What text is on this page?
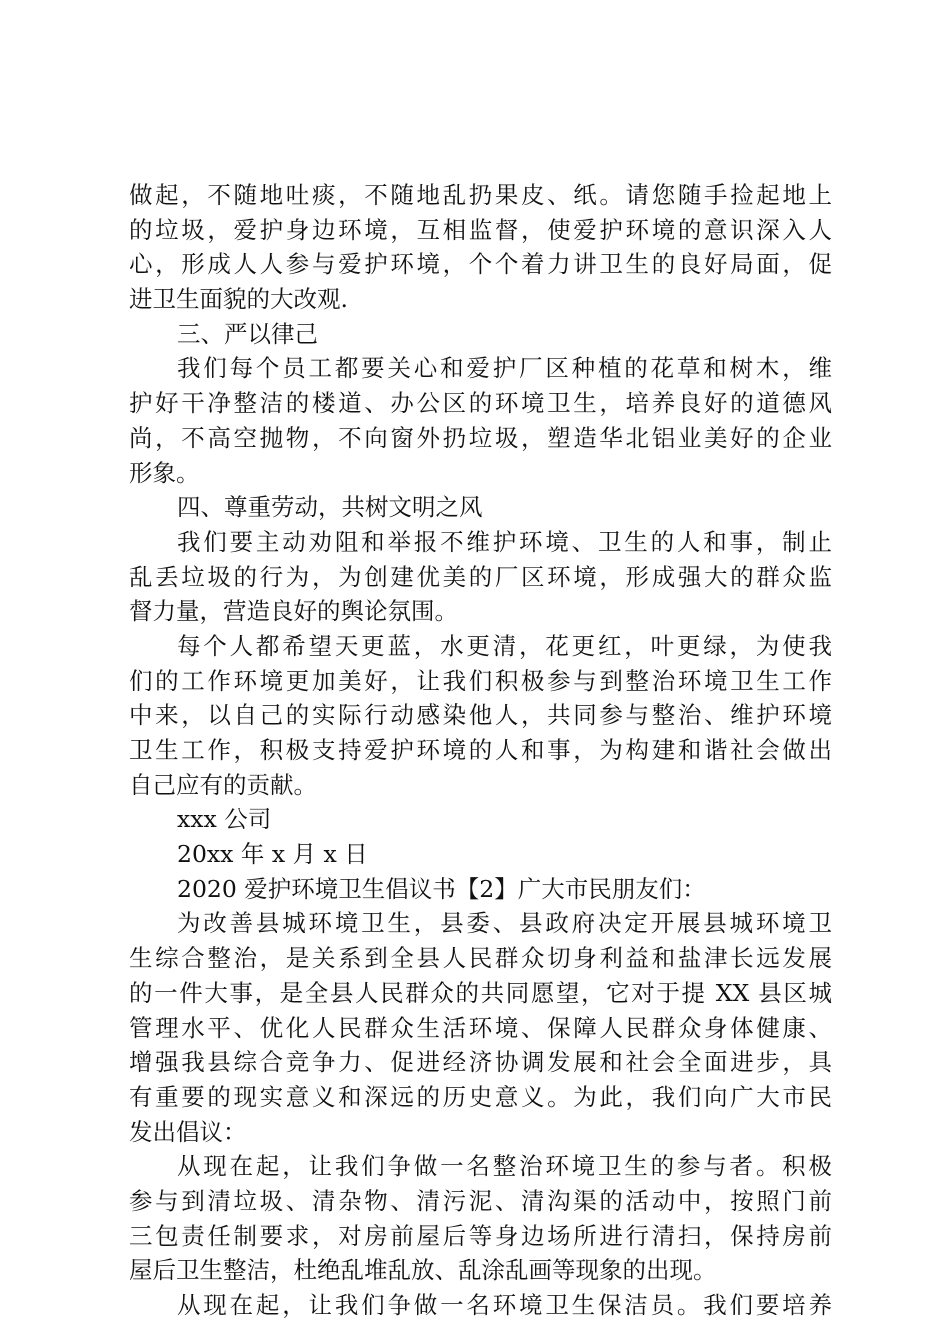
做起，不随地吐痰，不随地乱扔果皮、纸。请您随手捡起地上
的垃圾，爱护身边环境，互相监督，使爱护环境的意识深入人
心，形成人人参与爱护环境，个个着力讲卫生的良好局面，促
进卫生面貌的大改观.
三、严以律己
我们每个员工都要关心和爱护厂区种植的花草和树木，维
护好干净整洁的楼道、办公区的环境卫生，培养良好的道德风
尚，不高空抛物，不向窗外扔垃圾，塑造华北铝业美好的企业
形象。
四、尊重劳动，共树文明之风
我们要主动劝阻和举报不维护环境、卫生的人和事，制止
乱丢垃圾的行为，为创建优美的厂区环境，形成强大的群众监
督力量，营造良好的舆论氛围。
每个人都希望天更蓝，水更清，花更红，叶更绿，为使我
们的工作环境更加美好，让我们积极参与到整治环境卫生工作
中来，以自己的实际行动感染他人，共同参与整治、维护环境
卫生工作，积极支持爱护环境的人和事，为构建和谐社会做出
自己应有的贡献。
xxx 公司
20xx 年 x 月 x 日
2020 爱护环境卫生倡议书【2】广大市民朋友们：
为改善县城环境卫生，县委、县政府决定开展县城环境卫
生综合整治，是关系到全县人民群众切身利益和盐津长远发展
的一件大事，是全县人民群众的共同愿望，它对于提 XX 县区城
管理水平、优化人民群众生活环境、保障人民群众身体健康、
增强我县综合竞争力、促进经济协调发展和社会全面进步，具
有重要的现实意义和深远的历史意义。为此，我们向广大市民
发出倡议：
从现在起，让我们争做一名整治环境卫生的参与者。积极
参与到清垃圾、清杂物、清污泥、清沟渠的活动中，按照门前
三包责任制要求，对房前屋后等身边场所进行清扫，保持房前
屋后卫生整洁，杜绝乱堆乱放、乱涂乱画等现象的出现。
从现在起，让我们争做一名环境卫生保洁员。我们要培养
